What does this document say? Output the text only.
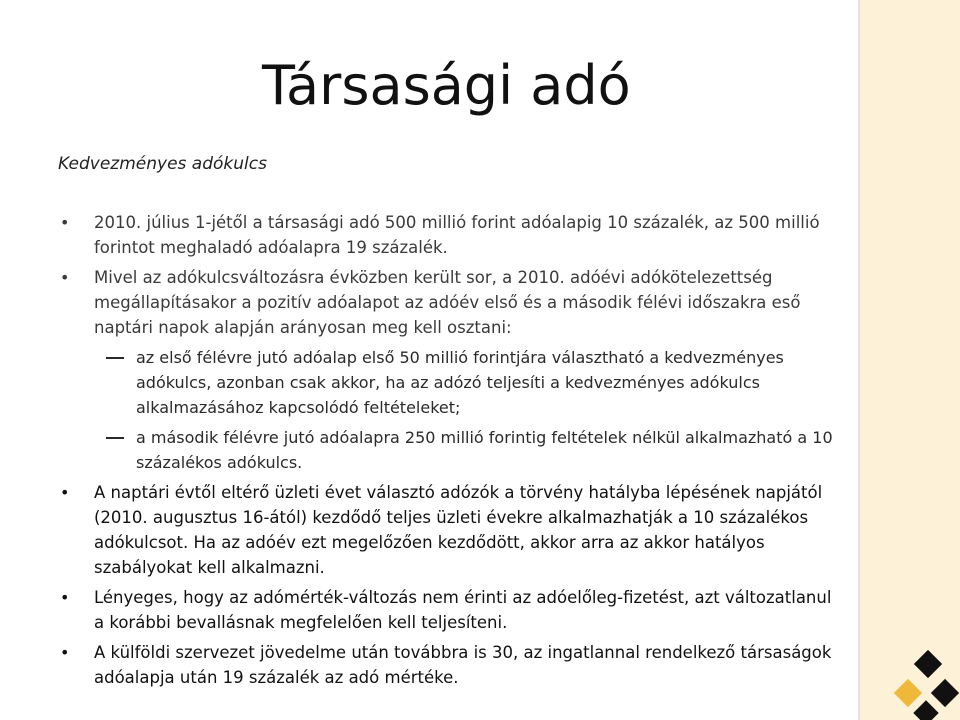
Társasági adó

Kedvezményes adókulcs

• 2010. július 1-jétől a társasági adó 500 millió forint adóalapig 10 százalék, az 500 millió forintot meghaladó adóalapra 19 százalék.
• Mivel az adókulcsváltozásra évközben került sor, a 2010. adóévi adókötelezettség megállapításakor a pozitív adóalapot az adóév első és a második félévi időszakra eső naptári napok alapján arányosan meg kell osztani:
az első félévre jutó adóalap első 50 millió forintjára választható a kedvezményes adókulcs, azonban csak akkor, ha az adózó teljesíti a kedvezményes adókulcs alkalmazásához kapcsolódó feltételeket;
a második félévre jutó adóalapra 250 millió forintig feltételek nélkül alkalmazható a 10 százalékos adókulcs.
• A naptári évtől eltérő üzleti évet választó adózók a törvény hatályba lépésének napjától (2010. augusztus 16-ától) kezdődő teljes üzleti évekre alkalmazhatják a 10 százalékos adókulcsot. Ha az adóév ezt megelőzően kezdődött, akkor arra az akkor hatályos szabályokat kell alkalmazni.
• Lényeges, hogy az adómérték-változás nem érinti az adóelőleg-fizetést, azt változatlanul a korábbi bevallásnak megfelelően kell teljesíteni.
• A külföldi szervezet jövedelme után továbbra is 30, az ingatlannal rendelkező társaságok adóalapja után 19 százalék az adó mértéke.
